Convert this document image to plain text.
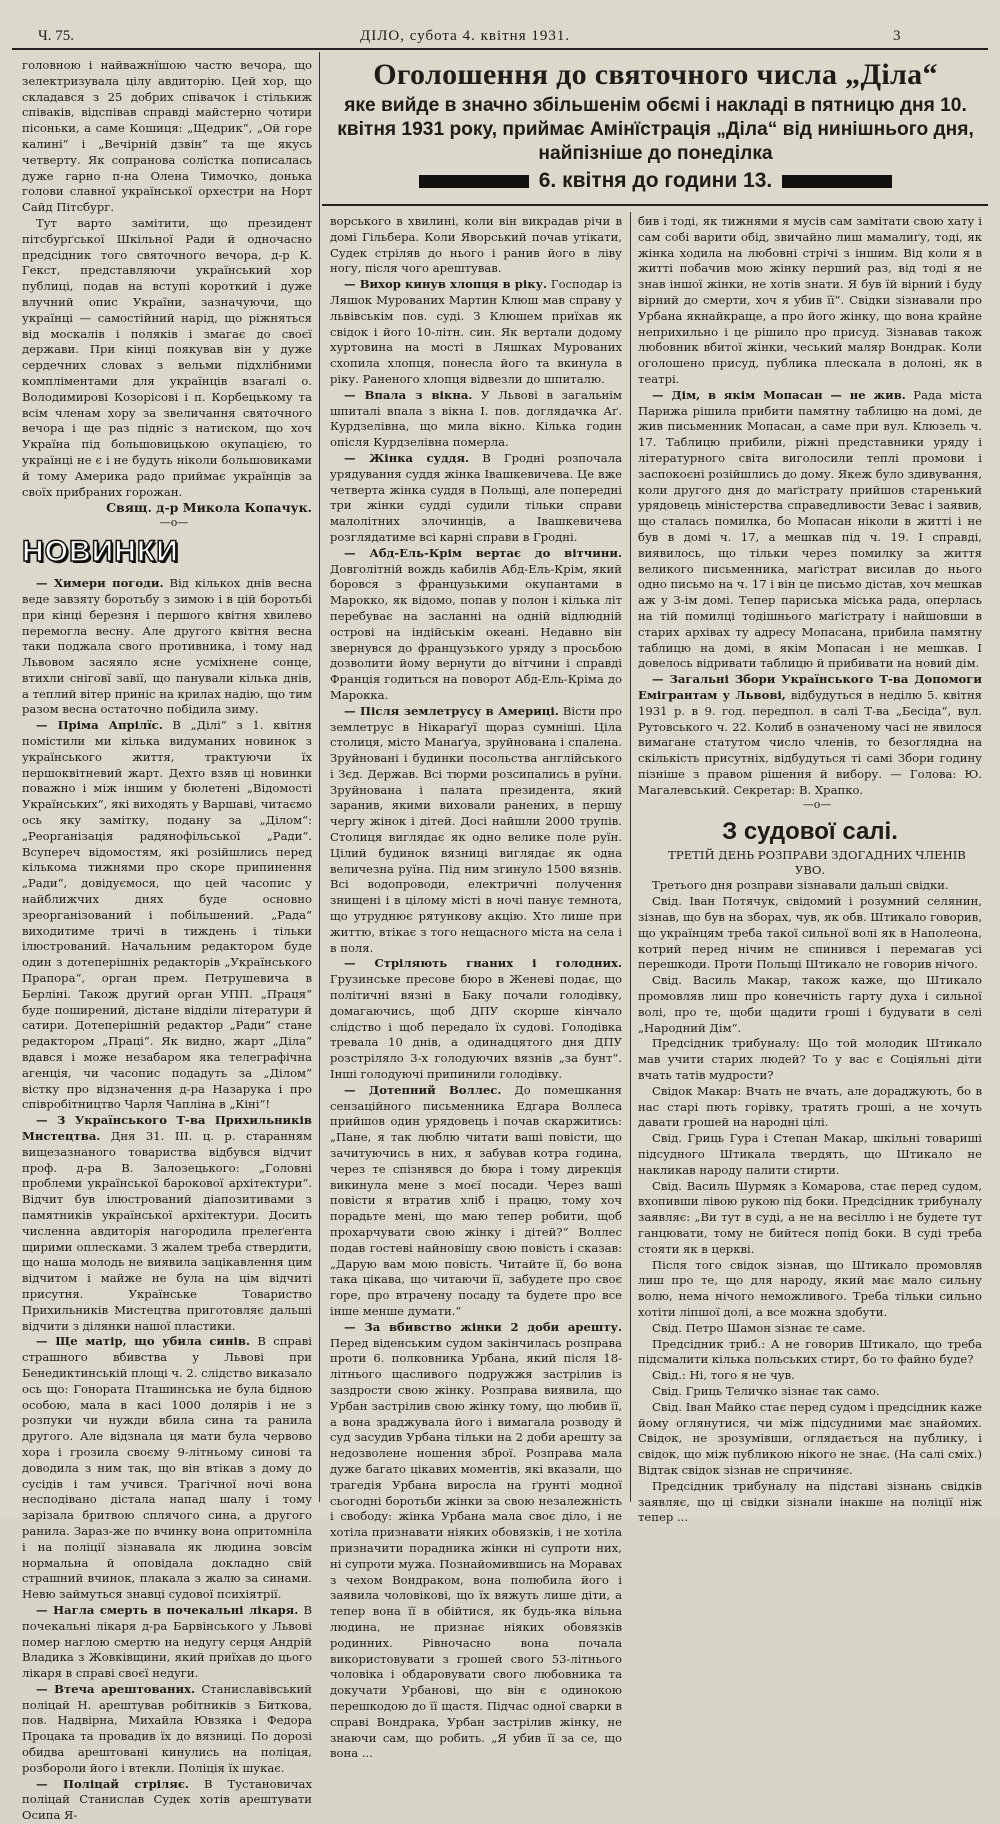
Ч. 75.	ДІЛО, субота 4. квітня 1931.	3
Оголошення до святочного числа „Діла“
яке вийде в значно збільшенім обємі і накладі в пятницю дня 10. квітня 1931 року, приймає Амінїстрація „Діла“ від нинішнього дня, найпізніше до понеділка
6. квітня до години 13.

головною і найважнїшою частю вечора, що зелектризувала цілу авдиторію. Цей хор, що складався з 25 добрих співачок і стількиж співаків, відспівав справді майстерно чотири пісоньки, а саме Кошиця: „Щедрик“, „Ой горе калині“ і „Вечірній дзвін“ та ще якусь четверту. Як сопранова солістка пописалась дуже гарно п-на Олена Тимочко, донька голови славної української орхестри на Норт Сайд Пітсбург.

Тут варто замітити, що президент пітсбурґської Шкільної Ради й одночасно предсідник того святочного вечора, д-р К. Гекст, представляючи український хор публиці, подав на вступі короткий і дуже влучний опис України, зазначуючи, що українці — самостійний нарід, що ріжняться від москалів і поляків і змагає до своєї держави. При кінці поякував він у дуже сердечних словах з вельми підхлібними компліментами для українців взагалі о. Володимирові Козорісові і п. Корбецькому та всім членам хору за звеличання святочного вечора і ще раз підніс з натиском, що хоч Україна під большовицькою окупацією, то українці не є і не будуть ніколи большовиками й тому Америка радо приймає українців за своїх прибраних горожан.

Свящ. д-р Микола Копачук.

—o—

НОВИНКИ

— Химери погоди. Від кількох днів весна веде завзяту боротьбу з зимою і в цій боротьбі при кінці березня і першого квітня хвилево перемогла весну. Але другого квітня весна таки поджала свого противника, і тому над Львовом засяяло ясне усміхнене сонце, втихли сніговї завії, що панували кілька днів, а теплий вітер приніс на крилах надію, що тим разом весна остаточно побідила зиму.

— Пріма Апрілїс. В „Ділі“ з 1. квітня помістили ми кілька видуманих новинок з українського життя, трактуючи їх першоквітневий жарт. Дехто взяв ці новинки поважно і між іншим у бюлетені „Відомості Українських“, які виходять у Варшаві, читаємо ось яку замітку, подану за „Ділом“: „Реорганізація радянофільської „Ради“. Всупереч відомостям, які розійшлись перед кількома тижнями про скоре припинення „Ради“, довідуємося, що цей часопис у найближчих днях буде основно зреорганізований і побільшений. „Рада“ виходитиме тричі в тиждень і тільки ілюстрований. Начальним редактором буде один з дотеперішніх редакторів „Українського Прапора“, орган прем. Петрушевича в Берліні. Також другий орган УПП. „Праця“ буде поширений, дістане відділи літератури й сатири. Дотеперішній редактор „Ради“ стане редактором „Праці“. Як видно, жарт „Діла“ вдався і може незабаром яка телеграфічна агенція, чи часопис подадуть за „Ділом“ вістку про відзначення д-ра Назарука і про співробітництво Чарля Чапліна в „Кіні“!

— З Українського Т-ва Прихильників Мистецтва. Дня 31. III. ц. р. старанням вищезазнаного товариства відбувся відчит проф. д-ра В. Залозецького: „Головні проблеми української барокової архітектури“. Відчит був ілюстрований діапозитивами з памятників української архітектури. Досить численна авдиторія нагородила прелеґента щирими оплесками. З жалем треба ствердити, що наша молодь не виявила зацікавлення цим відчитом і майже не була на цім відчиті присутня. Українське Товариство Прихильників Мистецтва приготовляє дальші відчити з ділянки нашої пластики.

— Ще матір, що убила синів. В справі страшного вбивства у Львові при Бенедиктинській площі ч. 2. слідство виказало ось що: Гонората Пташинська не була бідною особою, мала в касі 1000 долярів і не з розпуки чи нужди вбила сина та ранила другого. Але відзнала ця мати була червово хора і грозила своєму 9-літньому синові та доводила з ним так, що він втікав з дому до сусідів і там учився. Трагічної ночі вона несподівано дістала напад шалу і тому зарізала бритвою сплячого сина, а другого ранила. Зараз-же по вчинку вона опритомніла і на поліції зізнавала як людина зовсім нормальна й оповідала докладно свій страшний вчинок, плакала з жалю за синами. Невю займуться знавці судової психіятрії.

— Нагла смерть в почекальні лікаря. В почекальні лікаря д-ра Барвінського у Львові помер наглою смертю на недугу серця Андрій Владика з Жовківщини, який приїхав до цього лікаря в справі своєї недуги.

— Втеча арештованих. Станиславівський поліцай Н. арештував робітників з Биткова, пов. Надвірна, Михайла Ювзяка і Федора Процака та провадив їх до вязниці. По дорозі обидва арештовані кинулись на поліцая, розбороли його і втекли. Поліція їх шукає.

— Поліцай стріляє. В Тустановичах поліцай Станислав Судек хотів арештувати Осипа Я-

ворського в хвилині, коли він викрадав річи в домі Гільбера. Коли Яворський почав утікати, Судек стріляв до нього і ранив його в ліву ногу, після чого арештував.

— Вихор кинув хлопця в ріку. Господар із Ляшок Мурованих Мартин Клюш мав справу у львівськім пов. суді. З Клюшем приїхав як свідок і його 10-літн. син. Як вертали додому хуртовина на мості в Ляшках Мурованих схопила хлопця, понесла його та вкинула в ріку. Раненого хлопця відвезли до шпиталю.

— Впала з вікна. У Львові в загальнім шпиталі впала з вікна І. пов. доглядачка Аґ. Курдзелівна, що мила вікно. Кілька годин опісля Курдзелівна померла.

— Жінка суддя. В Гродні розпочала урядування суддя жінка Івашкевичева. Це вже четверта жінка суддя в Польщі, але попередні три жінки судді судили тільки справи малолітних злочинців, а Івашкевичева розглядатиме всі карні справи в Гродні.

— Абд-Ель-Крім вертає до вітчини. Довголітній вождь кабилів Абд-Ель-Крім, який боровся з французькими окупантами в Марокко, як відомо, попав у полон і кілька літ перебуває на засланні на одній відлюдній острові на індійськім океані. Недавно він звернувся до французького уряду з просьбою дозволити йому вернути до вітчини і справді Франція годиться на поворот Абд-Ель-Кріма до Марокка.

— Після землетрусу в Америці. Вісти про землетрус в Нікараґуї щораз сумніші. Ціла столиця, місто Манаґуа, зруйнована і спалена. Зруйновані і будинки посольства англійського і Зєд. Держав. Всі тюрми розсипались в руїни. Зруйнована і палата президента, який заранив, якими виховали ранених, в першу чергу жінок і дітей. Досі найшли 2000 трупів. Столиця виглядає як одно велике поле руїн. Цілий будинок вязниці виглядає як одна величезна руїна. Під ним згинуло 1500 вязнів. Всі водопроводи, електричні получення знищені і в цілому місті в ночі панує темнота, що утруднює рятункову акцію. Хто лише при життю, втікає з того нещасного міста на села і в поля.

— Стріляють гнаних і голодних. Грузинське пресове бюро в Женеві подає, що політичні вязні в Баку почали голодівку, домагаючись, щоб ДПУ скорше кінчало слідство і щоб передало їх судові. Голодівка тревала 10 днів, а одинадцятого дня ДПУ розстріляло 3-х голодуючих вязнів „за бунт“. Інші голодуючі припинили голодівку.

— Дотепний Воллес. До помешкання сензаційного письменника Едгара Воллеса прийшов один урядовець і почав скаржитись: „Пане, я так люблю читати ваші повісти, що зачитуючись в них, я забував котра година, через те спізнявся до бюра і тому дирекція викинула мене з моєї посади. Через ваші повісти я втратив хліб і працю, тому хоч порадьте мені, що маю тепер робити, щоб прохарчувати свою жінку і дітей?“ Воллес подав гостеві найновішу свою повість і сказав: „Дарую вам мою повість. Читайте її, бо вона така цікава, що читаючи її, забудете про своє горе, про втрачену посаду та будете про все інше менше думати.“

— За вбивство жінки 2 доби арешту. Перед віденським судом закінчилась розправа проти 6. полковника Урбана, який після 18-літнього щасливого подружжя застрілив із заздрости свою жінку. Розправа виявила, що Урбан застрілив свою жінку тому, що любив її, а вона зраджувала його і вимагала розводу й суд засудив Урбана тільки на 2 доби арешту за недозволене ношення зброї. Розправа мала дуже багато цікавих моментів, які вказали, що трагедія Урбана виросла на ґрунті модної сьогодні боротьби жінки за свою незалежність і свободу: жінка Урбана мала своє діло, і не хотіла признавати ніяких обовязків, і не хотіла призначити порадника жінки ні супроти них, ні супроти мужа. Познайомившись на Моравах з чехом Вондраком, вона полюбила його і заявила чоловікові, що їх вяжуть лише діти, а тепер вона її в обійтися, як будь-яка вільна людина, не признає ніяких обовязків родинних. Рівночасно вона почала використовувати з грошей свого 53-літнього чоловіка і обдаровувати свого любовника та докучати Урбанові, що він є одинокою перешкодою до її щастя. Підчас одної сварки в справі Вондрака, Урбан застрілив жінку, не знаючи сам, що робить. „Я убив її за се, що вона ...

бив і тоді, як тижнями я мусів сам замітати свою хату і сам собі варити обід, звичайно лиш мамалиґу, тоді, як жінка ходила на любовні стрічі з іншим. Від коли я в житті побачив мою жінку перший раз, від тоді я не знав іншої жінки, не хотів знати. Я був їй вірний і буду вірний до смерти, хоч я убив її“. Свідки зізнавали про Урбана якнайкраще, а про його жінку, що вона крайне неприхильно і це рішило про присуд. Зізнавав також любовник вбитої жінки, чеський маляр Вондрак. Коли оголошено присуд, публика плескала в долоні, як в театрі.

— Дім, в якім Мопасан — не жив. Рада міста Парижа рішила прибити памятну таблицю на домі, де жив письменник Мопасан, а саме при вул. Клюзель ч. 17. Таблицю прибили, ріжні представники уряду і літературного світа виголосили теплі промови і заспокоєні розійшлись до дому. Якеж було здивування, коли другого дня до маґістрату прийшов старенький урядовець міністерства справедливости Зевас і заявив, що сталась помилка, бо Мопасан ніколи в житті і не був в домі ч. 17, а мешкав під ч. 19. І справді, виявилось, що тільки через помилку за життя великого письменника, маґістрат висилав до нього одно письмо на ч. 17 і він це письмо дістав, хоч мешкав аж у 3-ім домі. Тепер париська міська рада, оперлась на тій помилці тодішнього маґістрату і найшовши в старих архівах ту адресу Мопасана, прибила памятну таблицю на домі, в якім Мопасан і не мешкав. І довелось відривати таблицю й прибивати на новий дім.

— Загальні Збори Українського Т-ва Допомоги Емігрантам у Львові, відбудуться в неділю 5. квітня 1931 р. в 9. год. передпол. в салі Т-ва „Бесіда“, вул. Рутовського ч. 22. Колиб в означеному часі не явилося вимагане статутом число членів, то безоглядна на скількість присутніх, відбудуться ті самі Збори годину пізніше з правом рішення й вибору. — Голова: Ю. Магалевський. Секретар: В. Храпко.

—o—

З судової салі.

ТРЕТІЙ ДЕНЬ РОЗПРАВИ ЗДОГАДНИХ ЧЛЕНІВ УВО.

Третього дня розправи зізнавали дальші свідки.

Свід. Іван Потячук, свідомий і розумний селянин, зізнав, що був на зборах, чув, як обв. Штикало говорив, що українцям треба такої сильної волі як в Наполеона, котрий перед нічим не спинився і перемагав усі перешкоди. Проти Польщі Штикало не говорив нічого.

Свід. Василь Макар, також каже, що Штикало промовляв лиш про конечність гарту духа і сильної волі, про те, щоби щадити гроші і будувати в селі „Народний Дім“.

Предсідник трибуналу: Що той молодик Штикало мав учити старих людей? То у вас є Соціяльні діти вчать татів мудрости?

Свідок Макар: Вчать не вчать, але дораджують, бо в нас старі пють горівку, тратять гроші, а не хочуть давати грошей на народні цілі.

Свід. Гриць Гура і Степан Макар, шкільні товариші підсудного Штикала твердять, що Штикало не накликав народу палити стирти.

Свід. Василь Шурмяк з Комарова, стає перед судом, вхопивши лівою рукою під боки. Предсідник трибуналу заявляє: „Ви тут в суді, а не на весіллю і не будете тут ганцювати, тому не бийтеся попід боки. В суді треба стояти як в церкві.

Після того свідок зізнав, що Штикало промовляв лиш про те, що для народу, який має мало сильну волю, нема нічого неможливого. Треба тільки сильно хотіти ліпшої долі, а все можна здобути.

Свід. Петро Шамон зізнає те саме.

Предсідник триб.: А не говорив Штикало, що треба підсмалити кілька польських стирт, бо то файно буде?

Свід.: Ні, того я не чув.

Свід. Гриць Теличко зізнає так само.

Свід. Іван Майко стає перед судом і предсідник каже йому оглянутися, чи між підсудними має знайомих. Свідок, не зрозумівши, оглядається на публику, і свідок, що між публикою нікого не знає. (На салі сміх.) Відтак свідок зізнав не спричиняє.

Предсідник трибуналу на підставі зізнань свідків заявляє, що ці свідки зізнали інакше на поліції ніж тепер ...
